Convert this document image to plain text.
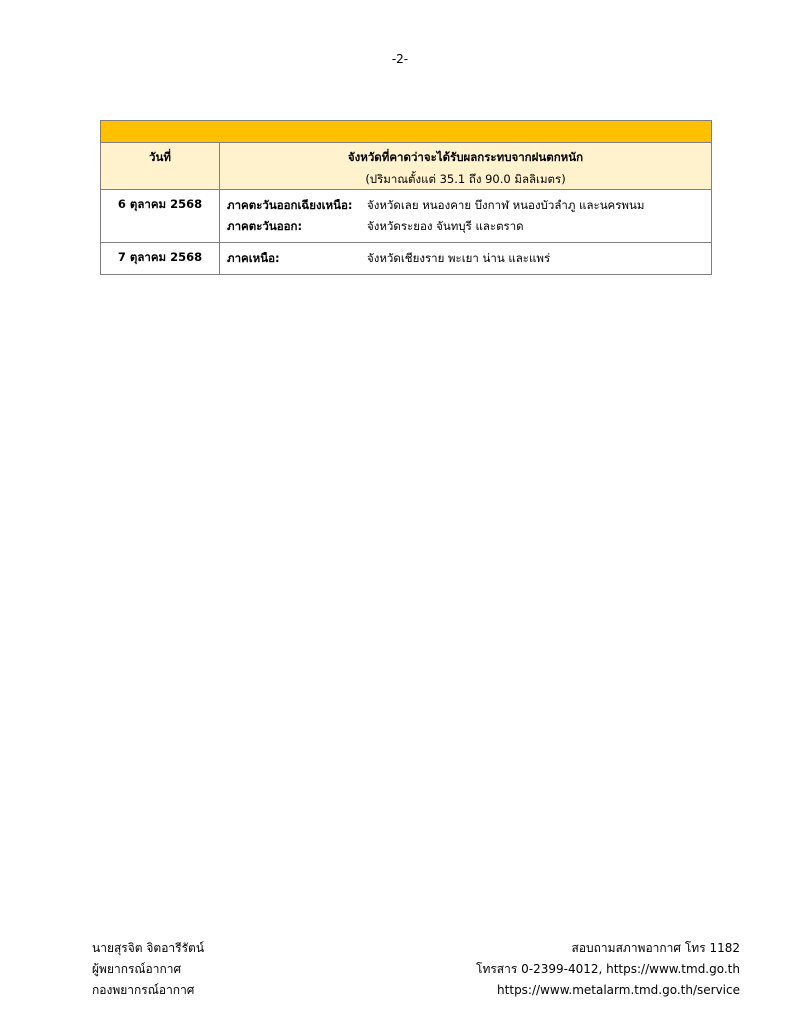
-2-

วันที่	จังหวัดที่คาดว่าจะได้รับผลกระทบจากฝนตกหนัก
(ปริมาณตั้งแต่ 35.1 ถึง 90.0 มิลลิเมตร)

6 ตุลาคม 2568	ภาคตะวันออกเฉียงเหนือ: จังหวัดเลย หนองคาย บึงกาฬ หนองบัวลำภู และนครพนม
ภาคตะวันออก: จังหวัดระยอง จันทบุรี และตราด

7 ตุลาคม 2568	ภาคเหนือ: จังหวัดเชียงราย พะเยา น่าน และแพร่
นายสุรจิต จิตอารีรัตน์
ผู้พยากรณ์อากาศ
กองพยากรณ์อากาศ
สอบถามสภาพอากาศ โทร 1182
โทรสาร 0-2399-4012, https://www.tmd.go.th
https://www.metalarm.tmd.go.th/service
